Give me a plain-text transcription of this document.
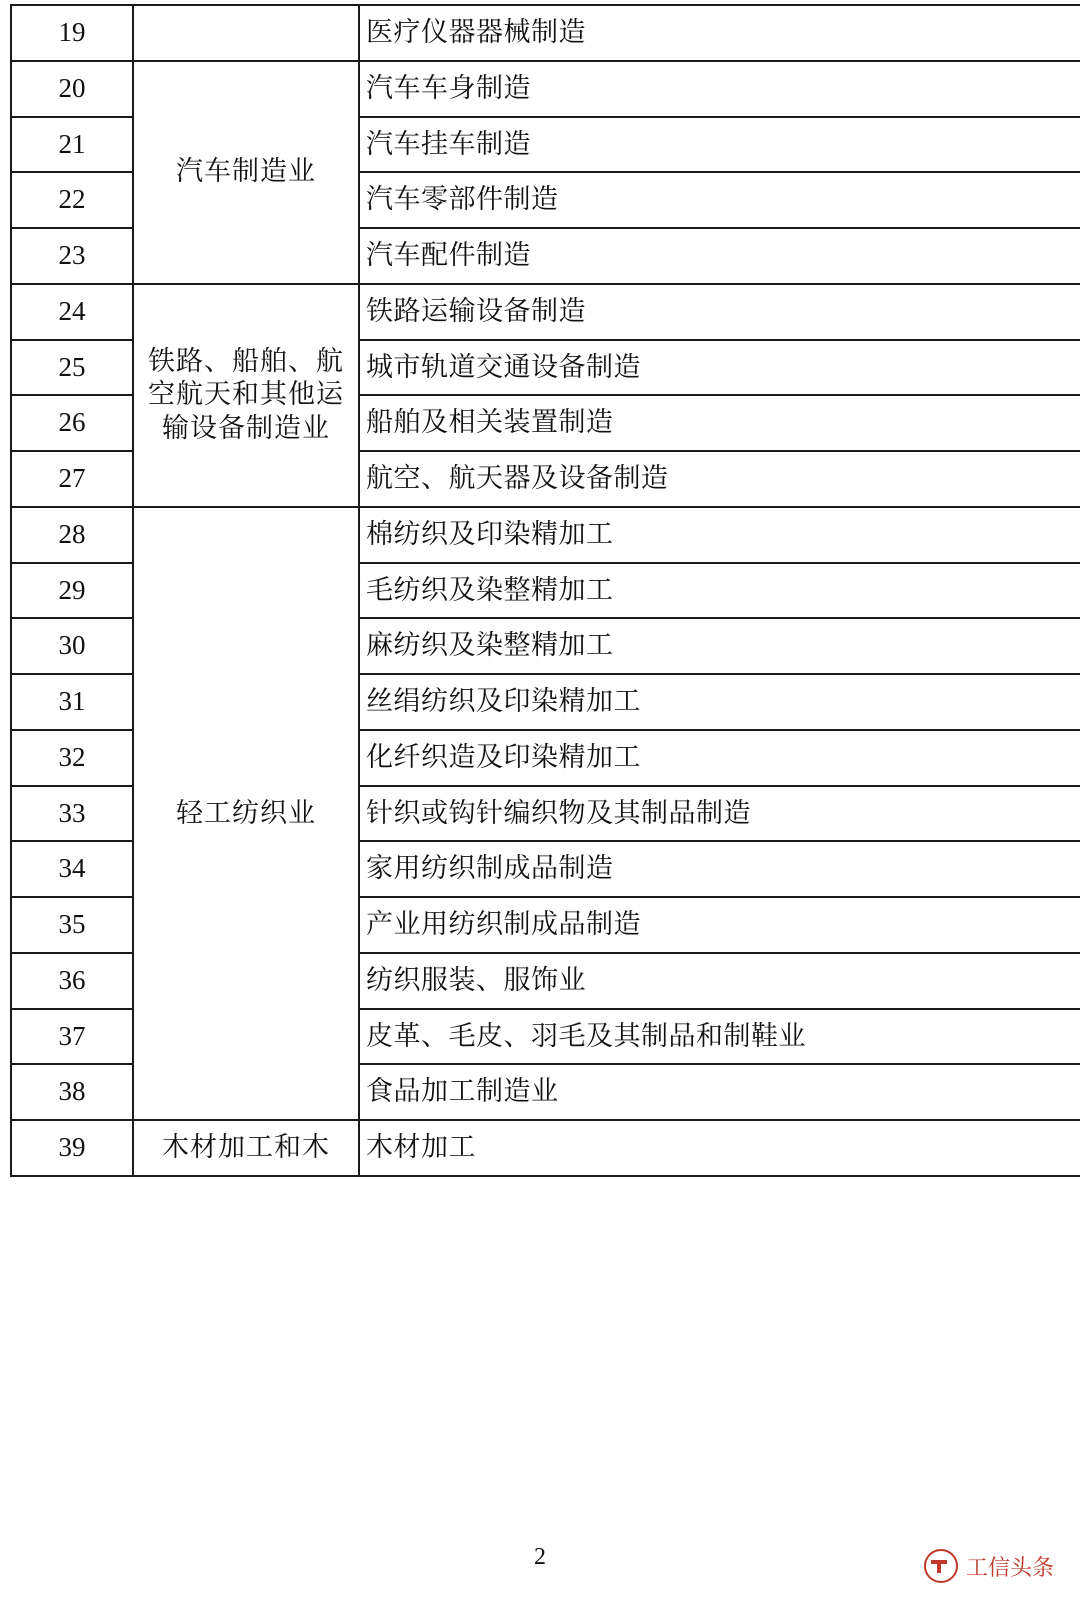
19		医疗仪器器械制造
20	汽车制造业	汽车车身制造
21		汽车挂车制造
22		汽车零部件制造
23		汽车配件制造
24	铁路、船舶、航空航天和其他运输设备制造业	铁路运输设备制造
25		城市轨道交通设备制造
26		船舶及相关装置制造
27		航空、航天器及设备制造
28	轻工纺织业	棉纺织及印染精加工
29		毛纺织及染整精加工
30		麻纺织及染整精加工
31		丝绢纺织及印染精加工
32		化纤织造及印染精加工
33		针织或钩针编织物及其制品制造
34		家用纺织制成品制造
35		产业用纺织制成品制造
36		纺织服装、服饰业
37		皮革、毛皮、羽毛及其制品和制鞋业
38		食品加工制造业
39	木材加工和木	木材加工
2	工信头条
